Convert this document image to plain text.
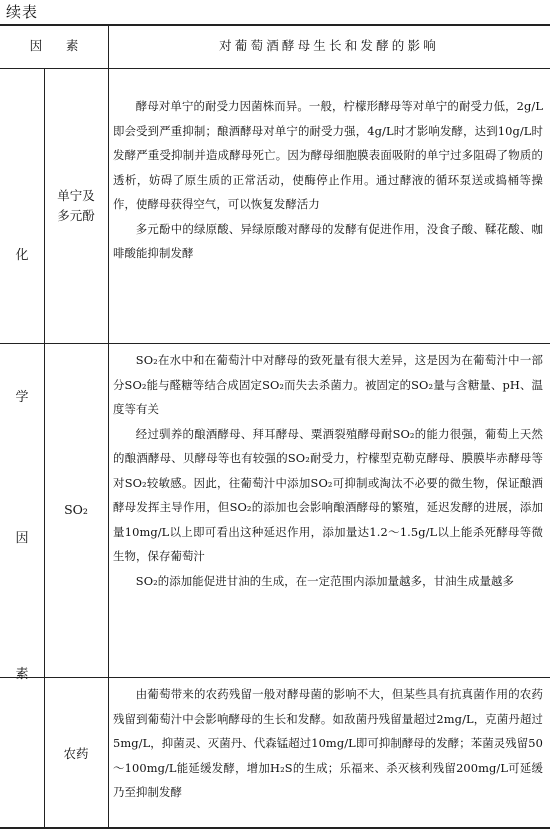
续表
因      素	对葡萄酒酵母生长和发酵的影响
化
学
因
素
单宁及
多元酚

酵母对单宁的耐受力因菌株而异。一般，柠檬形酵母等对单宁的耐受力低，2g/L即会受到严重抑制；酿酒酵母对单宁的耐受力强，4g/L时才影响发酵，达到10g/L时发酵严重受抑制并造成酵母死亡。因为酵母细胞膜表面吸附的单宁过多阻碍了物质的透析，妨碍了原生质的正常活动，使酶停止作用。通过酵液的循环泵送或捣桶等操作，使酵母获得空气，可以恢复发酵活力

多元酚中的绿原酸、异绿原酸对酵母的发酵有促进作用，没食子酸、鞣花酸、咖啡酸能抑制发酵

SO₂

SO₂在水中和在葡萄汁中对酵母的致死量有很大差异，这是因为在葡萄汁中一部分SO₂能与醛糖等结合成固定SO₂而失去杀菌力。被固定的SO₂量与含糖量、pH、温度等有关

经过驯养的酿酒酵母、拜耳酵母、粟酒裂殖酵母耐SO₂的能力很强，葡萄上天然的酿酒酵母、贝酵母等也有较强的SO₂耐受力，柠檬型克勒克酵母、膜膜毕赤酵母等对SO₂较敏感。因此，往葡萄汁中添加SO₂可抑制或淘汰不必要的微生物，保证酿酒酵母发挥主导作用，但SO₂的添加也会影响酿酒酵母的繁殖，延迟发酵的进展，添加量10mg/L以上即可看出这种延迟作用，添加量达1.2～1.5g/L以上能杀死酵母等微生物，保存葡萄汁

SO₂的添加能促进甘油的生成，在一定范围内添加量越多，甘油生成量越多

农药

由葡萄带来的农药残留一般对酵母菌的影响不大，但某些具有抗真菌作用的农药残留到葡萄汁中会影响酵母的生长和发酵。如敌菌丹残留量超过2mg/L，克菌丹超过5mg/L，抑菌灵、灭菌丹、代森锰超过10mg/L即可抑制酵母的发酵；苯菌灵残留50～100mg/L能延缓发酵，增加H₂S的生成；乐福来、杀灭核利残留200mg/L可延缓乃至抑制发酵
